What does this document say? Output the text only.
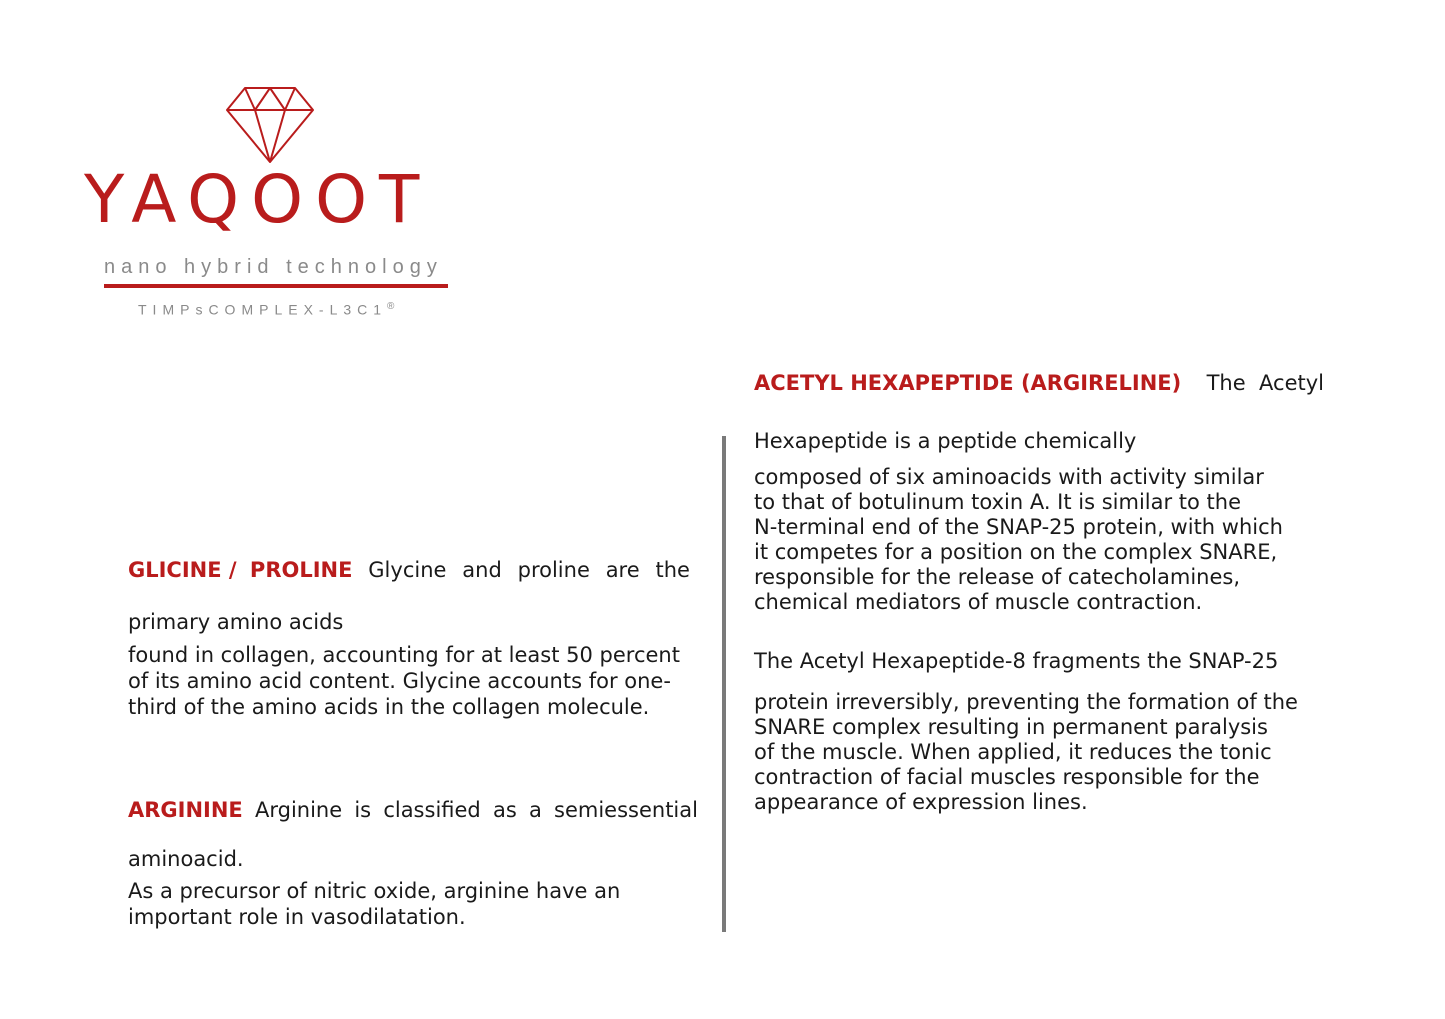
YAQOOT
nano hybrid technology
TIMPsCOMPLEX-L3C1®
GLICINE / PROLINE Glycine and proline are the
primary amino acids
found in collagen, accounting for at least 50 percent
of its amino acid content. Glycine accounts for one-
third of the amino acids in the collagen molecule.
ARGININE Arginine is classified as a semiessential
aminoacid.
As a precursor of nitric oxide, arginine have an
important role in vasodilatation.
ACETYL HEXAPEPTIDE (ARGIRELINE) The Acetyl
Hexapeptide is a peptide chemically
composed of six aminoacids with activity similar
to that of botulinum toxin A. It is similar to the
N-terminal end of the SNAP-25 protein, with which
it competes for a position on the complex SNARE,
responsible for the release of catecholamines,
chemical mediators of muscle contraction.
The Acetyl Hexapeptide-8 fragments the SNAP-25
protein irreversibly, preventing the formation of the
SNARE complex resulting in permanent paralysis
of the muscle. When applied, it reduces the tonic
contraction of facial muscles responsible for the
appearance of expression lines.
